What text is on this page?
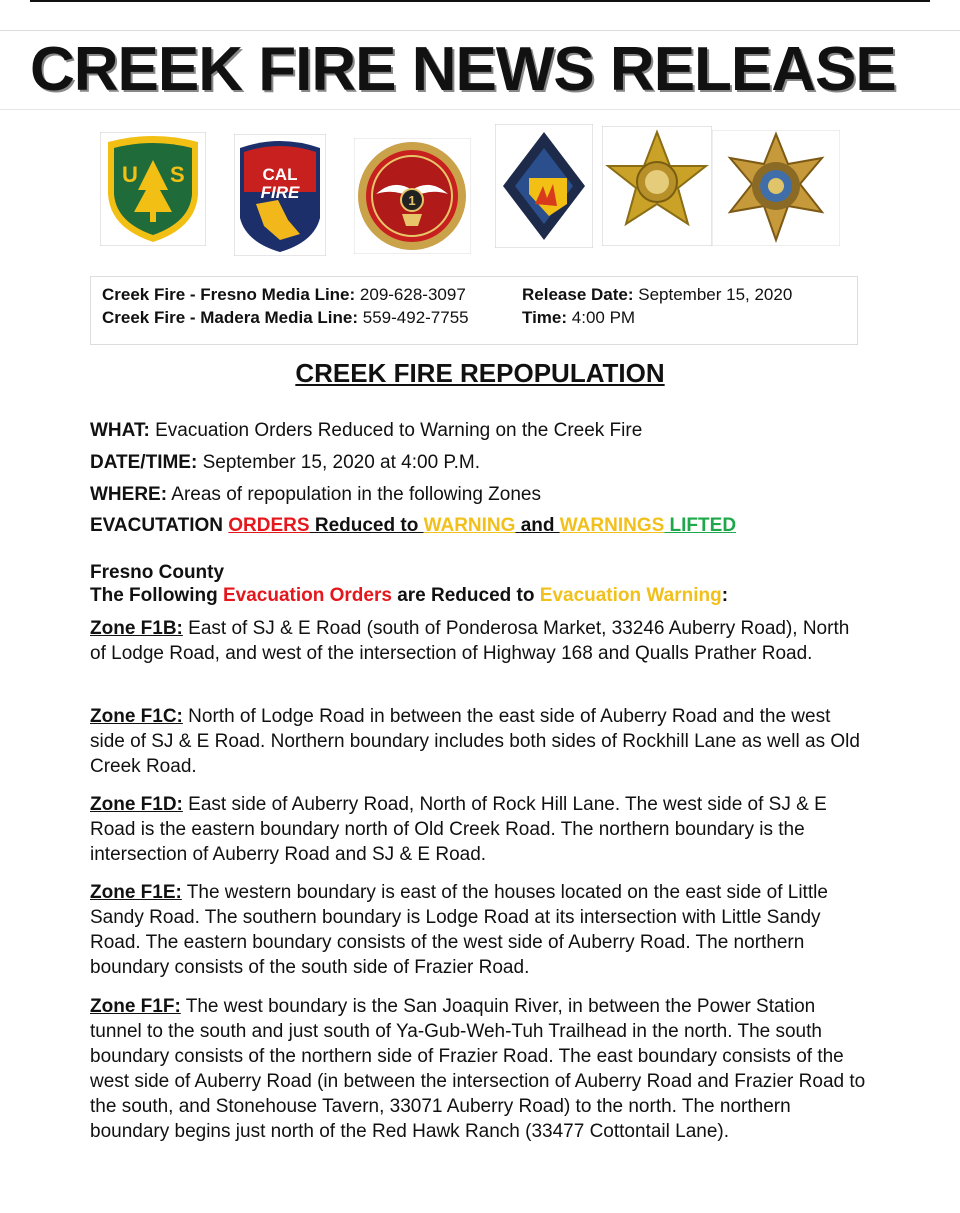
CREEK FIRE NEWS RELEASE
U S	CAL
FIRE	1
Creek Fire - Fresno Media Line: 209-628-3097
Creek Fire - Madera Media Line: 559-492-7755
Release Date: September 15, 2020
Time: 4:00 PM
CREEK FIRE REPOPULATION
WHAT: Evacuation Orders Reduced to Warning on the Creek Fire
DATE/TIME: September 15, 2020 at 4:00 P.M.
WHERE: Areas of repopulation in the following Zones
EVACUTATION ORDERS Reduced to WARNING and WARNINGS LIFTED
Fresno County
The Following Evacuation Orders are Reduced to Evacuation Warning:
Zone F1B: East of SJ & E Road (south of Ponderosa Market, 33246 Auberry Road), North of Lodge Road, and west of the intersection of Highway 168 and Qualls Prather Road.
Zone F1C: North of Lodge Road in between the east side of Auberry Road and the west side of SJ & E Road. Northern boundary includes both sides of Rockhill Lane as well as Old Creek Road.
Zone F1D: East side of Auberry Road, North of Rock Hill Lane. The west side of SJ & E Road is the eastern boundary north of Old Creek Road. The northern boundary is the intersection of Auberry Road and SJ & E Road.
Zone F1E: The western boundary is east of the houses located on the east side of Little Sandy Road. The southern boundary is Lodge Road at its intersection with Little Sandy Road. The eastern boundary consists of the west side of Auberry Road. The northern boundary consists of the south side of Frazier Road.
Zone F1F: The west boundary is the San Joaquin River, in between the Power Station tunnel to the south and just south of Ya-Gub-Weh-Tuh Trailhead in the north. The south boundary consists of the northern side of Frazier Road. The east boundary consists of the west side of Auberry Road (in between the intersection of Auberry Road and Frazier Road to the south, and Stonehouse Tavern, 33071 Auberry Road) to the north. The northern boundary begins just north of the Red Hawk Ranch (33477 Cottontail Lane).
